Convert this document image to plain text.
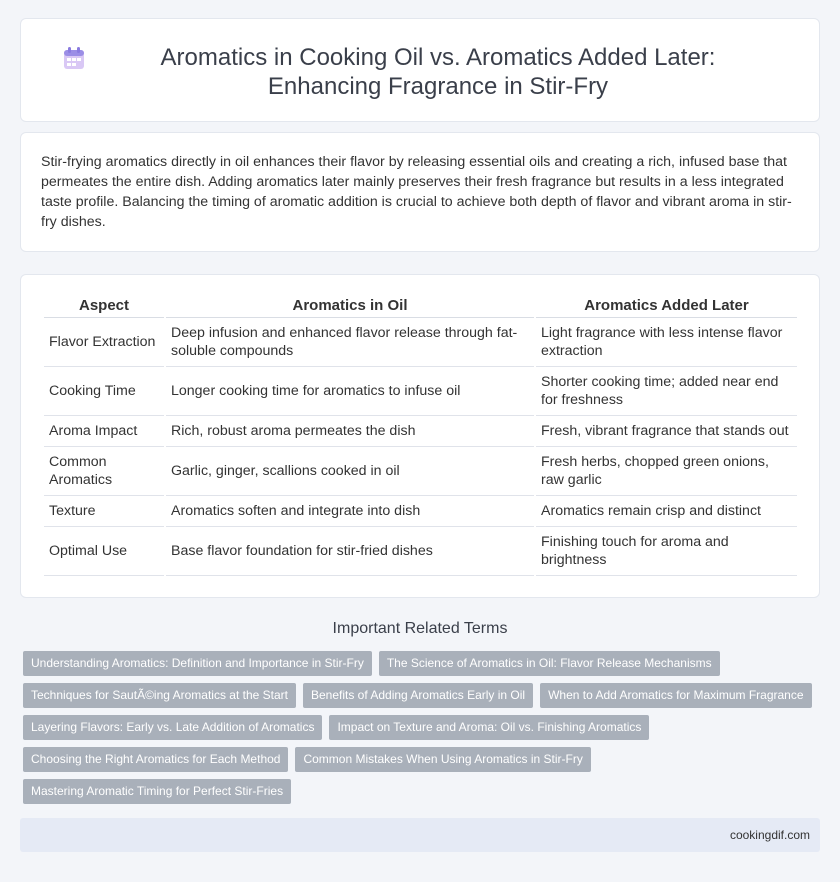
Aromatics in Cooking Oil vs. Aromatics Added Later: Enhancing Fragrance in Stir-Fry

Stir-frying aromatics directly in oil enhances their flavor by releasing essential oils and creating a rich, infused base that permeates the entire dish. Adding aromatics later mainly preserves their fresh fragrance but results in a less integrated taste profile. Balancing the timing of aromatic addition is crucial to achieve both depth of flavor and vibrant aroma in stir-fry dishes.

Aspect	Aromatics in Oil	Aromatics Added Later
Flavor Extraction	Deep infusion and enhanced flavor release through fat-soluble compounds	Light fragrance with less intense flavor extraction
Cooking Time	Longer cooking time for aromatics to infuse oil	Shorter cooking time; added near end for freshness
Aroma Impact	Rich, robust aroma permeates the dish	Fresh, vibrant fragrance that stands out
Common Aromatics	Garlic, ginger, scallions cooked in oil	Fresh herbs, chopped green onions, raw garlic
Texture	Aromatics soften and integrate into dish	Aromatics remain crisp and distinct
Optimal Use	Base flavor foundation for stir-fried dishes	Finishing touch for aroma and brightness
Important Related Terms
Understanding Aromatics: Definition and Importance in Stir-Fry	The Science of Aromatics in Oil: Flavor Release Mechanisms
Techniques for SautÃ©ing Aromatics at the Start	Benefits of Adding Aromatics Early in Oil	When to Add Aromatics for Maximum Fragrance
Layering Flavors: Early vs. Late Addition of Aromatics	Impact on Texture and Aroma: Oil vs. Finishing Aromatics
Choosing the Right Aromatics for Each Method	Common Mistakes When Using Aromatics in Stir-Fry
Mastering Aromatic Timing for Perfect Stir-Fries
cookingdif.com
